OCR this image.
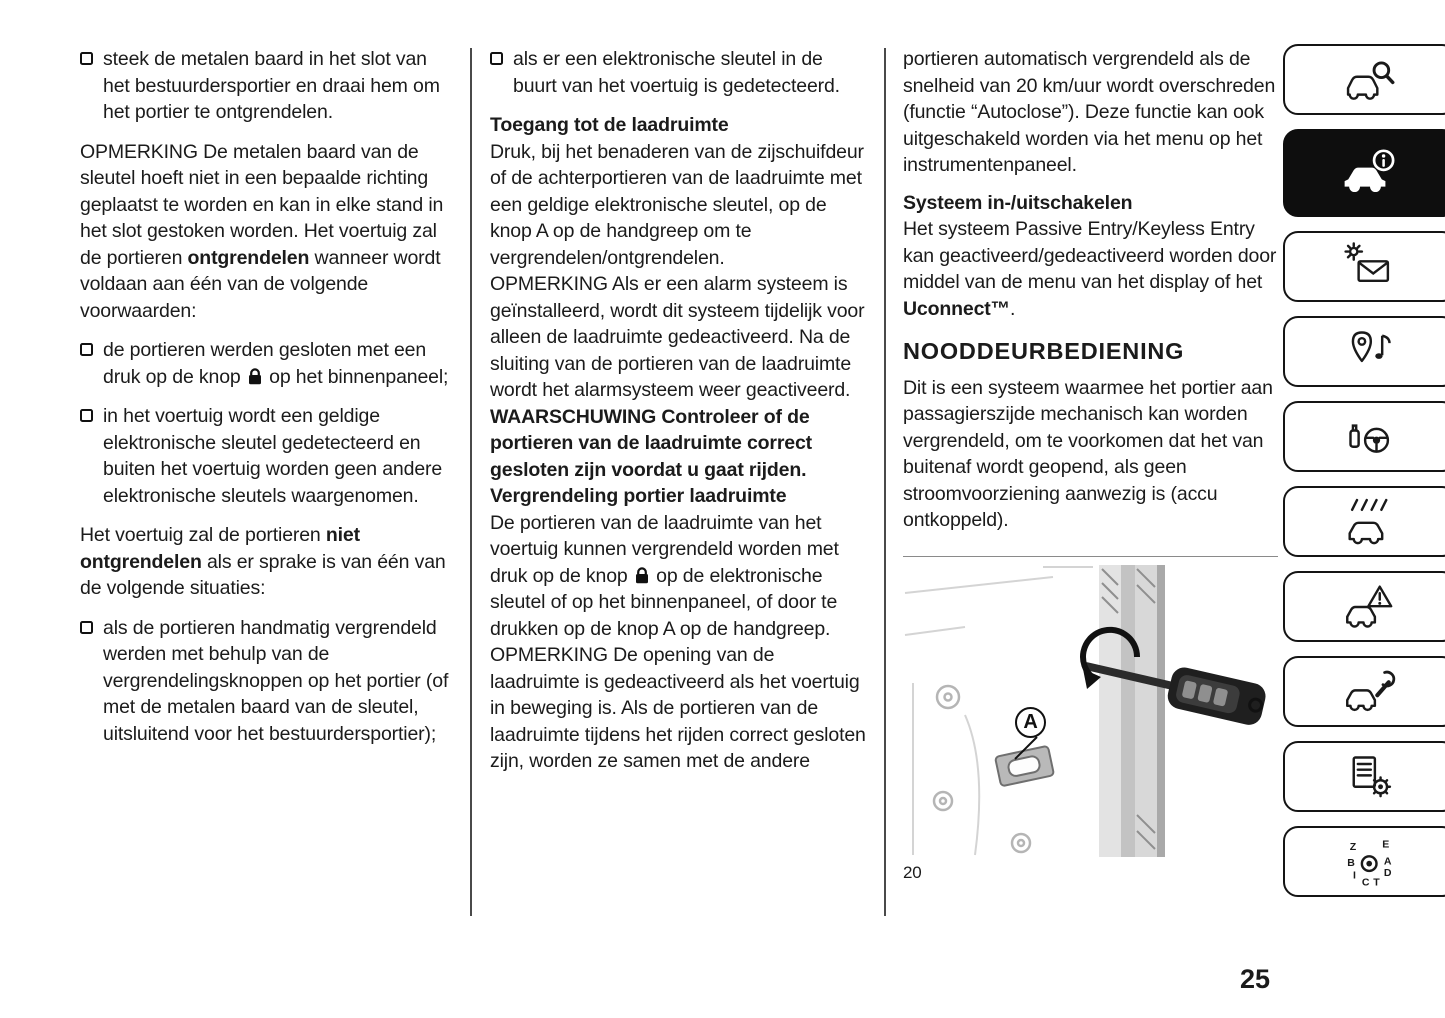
steek de metalen baard in het slot van het bestuurdersportier en draai hem om het portier te ontgrendelen.

OPMERKING De metalen baard van de sleutel hoeft niet in een bepaalde richting geplaatst te worden en kan in elke stand in het slot gestoken worden. Het voertuig zal de portieren ontgrendelen wanneer wordt voldaan aan één van de volgende voorwaarden:

de portieren werden gesloten met een druk op de knop  op het binnenpaneel;

in het voertuig wordt een geldige elektronische sleutel gedetecteerd en buiten het voertuig worden geen andere elektronische sleutels waargenomen.

Het voertuig zal de portieren niet ontgrendelen als er sprake is van één van de volgende situaties:

als de portieren handmatig vergrendeld werden met behulp van de vergrendelingsknoppen op het portier (of met de metalen baard van de sleutel, uitsluitend voor het bestuurdersportier);

als er een elektronische sleutel in de buurt van het voertuig is gedetecteerd.

Toegang tot de laadruimte

Druk, bij het benaderen van de zijschuifdeur of de achterportieren van de laadruimte met een geldige elektronische sleutel, op de knop A op de handgreep om te vergrendelen/ontgrendelen.

OPMERKING Als er een alarm systeem is geïnstalleerd, wordt dit systeem tijdelijk voor alleen de laadruimte gedeactiveerd. Na de sluiting van de portieren van de laadruimte wordt het alarmsysteem weer geactiveerd.

WAARSCHUWING Controleer of de portieren van de laadruimte correct gesloten zijn voordat u gaat rijden.

Vergrendeling portier laadruimte

De portieren van de laadruimte van het voertuig kunnen vergrendeld worden met druk op de knop  op de elektronische sleutel of op het binnenpaneel, of door te drukken op de knop A op de handgreep.

OPMERKING De opening van de laadruimte is gedeactiveerd als het voertuig in beweging is. Als de portieren van de laadruimte tijdens het rijden correct gesloten zijn, worden ze samen met de andere

portieren automatisch vergrendeld als de snelheid van 20 km/uur wordt overschreden (functie “Autoclose”). Deze functie kan ook uitgeschakeld worden via het menu op het instrumentenpaneel.

Systeem in-/uitschakelen

Het systeem Passive Entry/Keyless Entry kan geactiveerd/gedeactiveerd worden door middel van de menu van het display of het Uconnect™.

NOODDEURBEDIENING

Dit is een systeem waarmee het portier aan passagierszijde mechanisch kan worden vergrendeld, om te voorkomen dat het van buitenaf wordt geopend, als geen stroomvoorziening aanwezig is (accu ontkoppeld).

A
20
25
